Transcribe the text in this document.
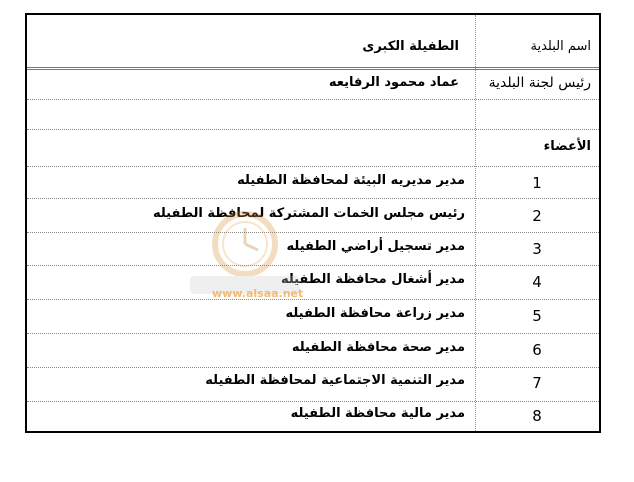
اسم البلدية
الطفيلة الكبرى
رئيس لجنة البلدية
عماد محمود الرفايعه
الأعضاء
1
مدير مديريه البيئة لمحافظة الطفيله
2
رئيس مجلس الخمات المشتركة لمحافظة الطفيله
3
مدير تسجيل أراضي الطفيله
4
مدير أشغال محافظة الطفيله
5
مدير زراعة محافظة الطفيله
6
مدير صحة محافظة الطفيله
7
مدير التنمية الاجتماعية لمحافظة الطفيله
8
مدير مالية محافظة الطفيله
www.alsaa.net
